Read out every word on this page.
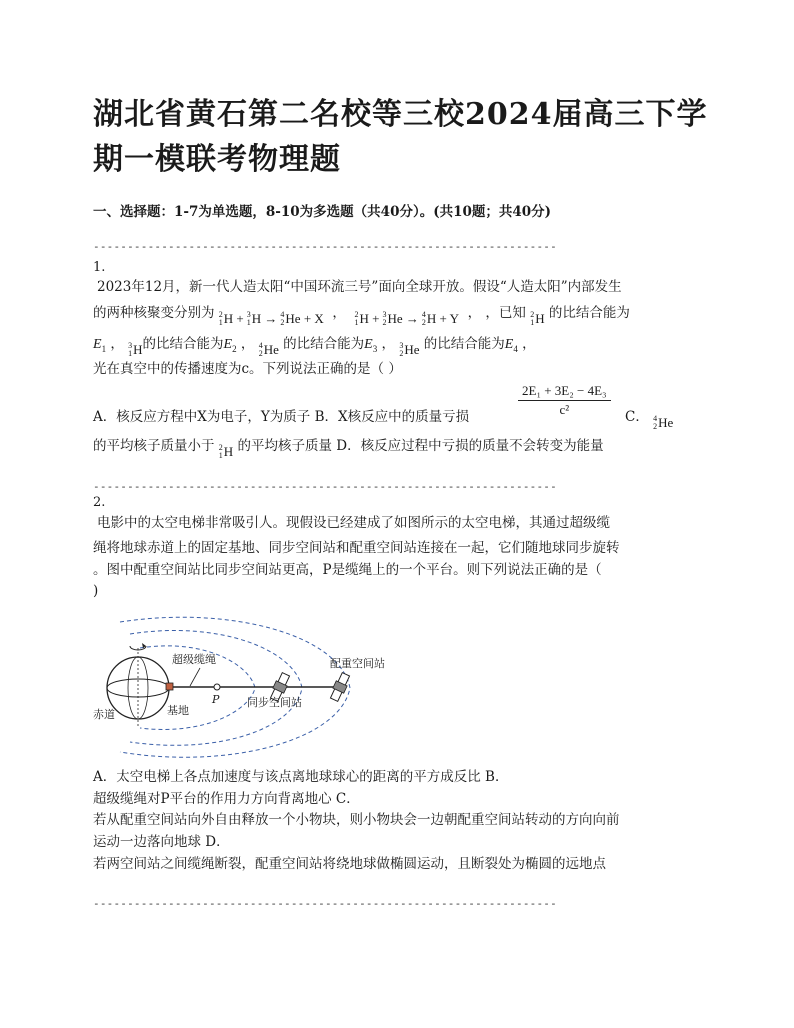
湖北省黄石第二名校等三校2024届高三下学
期一模联考物理题
一、选择题：1-7为单选题，8-10为多选题（共40分）。(共10题；共40分)
--------------------------------------------------------------------
1.
2023年12月，新一代人造太阳“中国环流三号”面向全球开放。假设“人造太阳”内部发生
的两种核聚变分别为 2
1 H + 3
1 H → 4
2 He + X  ， 2
1 H + 3
2 He → 4
2 H + Y  ， ，已知 2
1 H 的比结合能为
$E_1$ ， 3
1 H的比结合能为$E_2$ ， 4
2 He 的比结合能为$E_3$ ， 3
2 He 的比结合能为$E_4$ ，
光在真空中的传播速度为c。下列说法正确的是（ ）
$\frac{\text{2E₁ + 3E₂ − 4E₃}}{\text{c²}}$
A．核反应方程中X为电子，Y为质子 B．X核反应中的质量亏损	C． 4
2 He
的平均核子质量小于 2
1 H 的平均核子质量 D．核反应过程中亏损的质量不会转变为能量
--------------------------------------------------------------------
2.
电影中的太空电梯非常吸引人。现假设已经建成了如图所示的太空电梯，其通过超级缆
绳将地球赤道上的固定基地、同步空间站和配重空间站连接在一起，它们随地球同步旋转
。图中配重空间站比同步空间站更高，P是缆绳上的一个平台。则下列说法正确的是（
)
超级缆绳	配重空间站
P
赤道	基地
同步空间站
A．太空电梯上各点加速度与该点离地球球心的距离的平方成反比 B．
超级缆绳对P平台的作用力方向背离地心 C．
若从配重空间站向外自由释放一个小物块，则小物块会一边朝配重空间站转动的方向向前
运动一边落向地球 D．
若两空间站之间缆绳断裂，配重空间站将绕地球做椭圆运动，且断裂处为椭圆的远地点
--------------------------------------------------------------------
